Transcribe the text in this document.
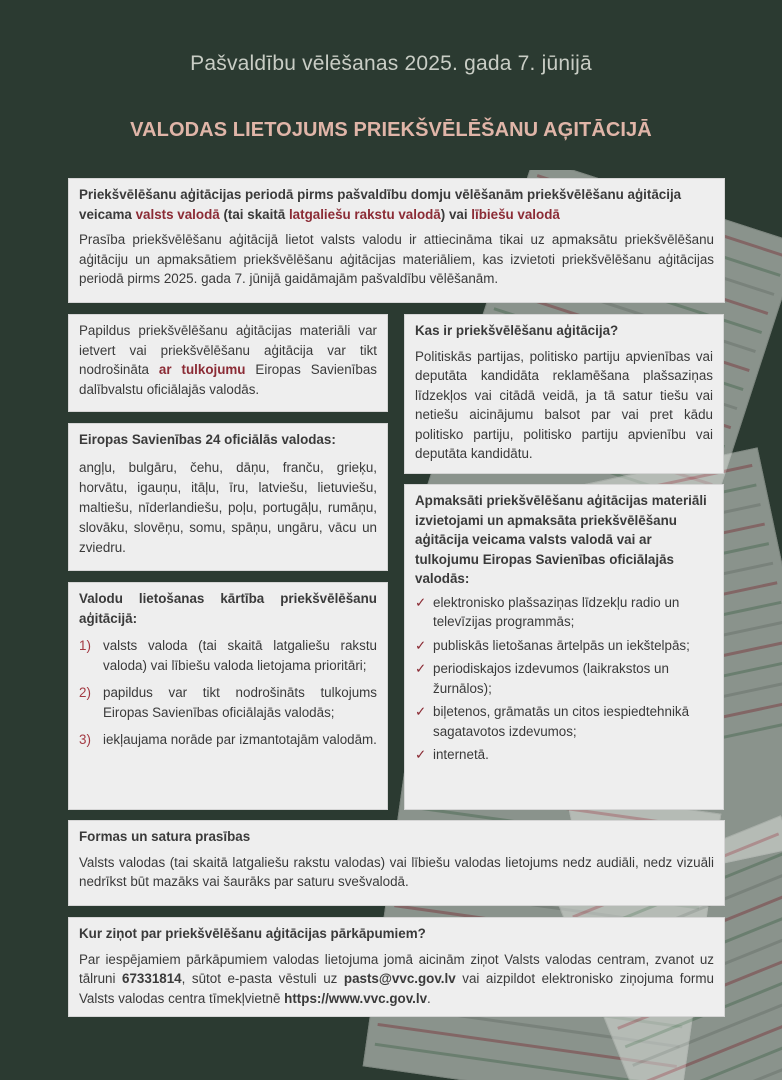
Pašvaldību vēlēšanas 2025. gada 7. jūnijā
VALODAS LIETOJUMS PRIEKŠVĒLĒŠANU AĢITĀCIJĀ
Priekšvēlēšanu aģitācijas periodā pirms pašvaldību domju vēlēšanām priekšvēlēšanu aģitācija veicama valsts valodā (tai skaitā latgaliešu rakstu valodā) vai lībiešu valodā

Prasība priekšvēlēšanu aģitācijā lietot valsts valodu ir attiecināma tikai uz apmaksātu priekšvēlēšanu aģitāciju un apmaksātiem priekšvēlēšanu aģitācijas materiāliem, kas izvietoti priekšvēlēšanu aģitācijas periodā pirms 2025. gada 7. jūnijā gaidāmajām pašvaldību vēlēšanām.

Papildus priekšvēlēšanu aģitācijas materiāli var ietvert vai priekšvēlēšanu aģitācija var tikt nodrošināta ar tulkojumu Eiropas Savienības dalībvalstu oficiālajās valodās.

Kas ir priekšvēlēšanu aģitācija?

Politiskās partijas, politisko partiju apvienības vai deputāta kandidāta reklamēšana plašsaziņas līdzekļos vai citādā veidā, ja tā satur tiešu vai netiešu aicinājumu balsot par vai pret kādu politisko partiju, politisko partiju apvienību vai deputāta kandidātu.

Eiropas Savienības 24 oficiālās valodas:

angļu, bulgāru, čehu, dāņu, franču, grieķu, horvātu, igauņu, itāļu, īru, latviešu, lietuviešu, maltiešu, nīderlandiešu, poļu, portugāļu, rumāņu, slovāku, slovēņu, somu, spāņu, ungāru, vācu un zviedru.

Apmaksāti priekšvēlēšanu aģitācijas materiāli izvietojami un apmaksāta priekšvēlēšanu aģitācija veicama valsts valodā vai ar tulkojumu Eiropas Savienības oficiālajās valodās:
✓ elektronisko plašsaziņas līdzekļu radio un televīzijas programmās;
✓ publiskās lietošanas ārtelpās un iekštelpās;
✓ periodiskajos izdevumos (laikrakstos un žurnālos);
✓ biļetenos, grāmatās un citos iespiedtehnikā sagatavotos izdevumos;
✓ internetā.
Valodu lietošanas kārtība priekšvēlēšanu aģitācijā:
1) valsts valoda (tai skaitā latgaliešu rakstu valoda) vai lībiešu valoda lietojama prioritāri;
2) papildus var tikt nodrošināts tulkojums Eiropas Savienības oficiālajās valodās;
3) iekļaujama norāde par izmantotajām valodām.
Formas un satura prasības

Valsts valodas (tai skaitā latgaliešu rakstu valodas) vai lībiešu valodas lietojums nedz audiāli, nedz vizuāli nedrīkst būt mazāks vai šaurāks par saturu svešvalodā.

Kur ziņot par priekšvēlēšanu aģitācijas pārkāpumiem?

Par iespējamiem pārkāpumiem valodas lietojuma jomā aicinām ziņot Valsts valodas centram, zvanot uz tālruni 67331814, sūtot e-pasta vēstuli uz pasts@vvc.gov.lv vai aizpildot elektronisko ziņojuma formu Valsts valodas centra tīmekļvietnē https://www.vvc.gov.lv.
